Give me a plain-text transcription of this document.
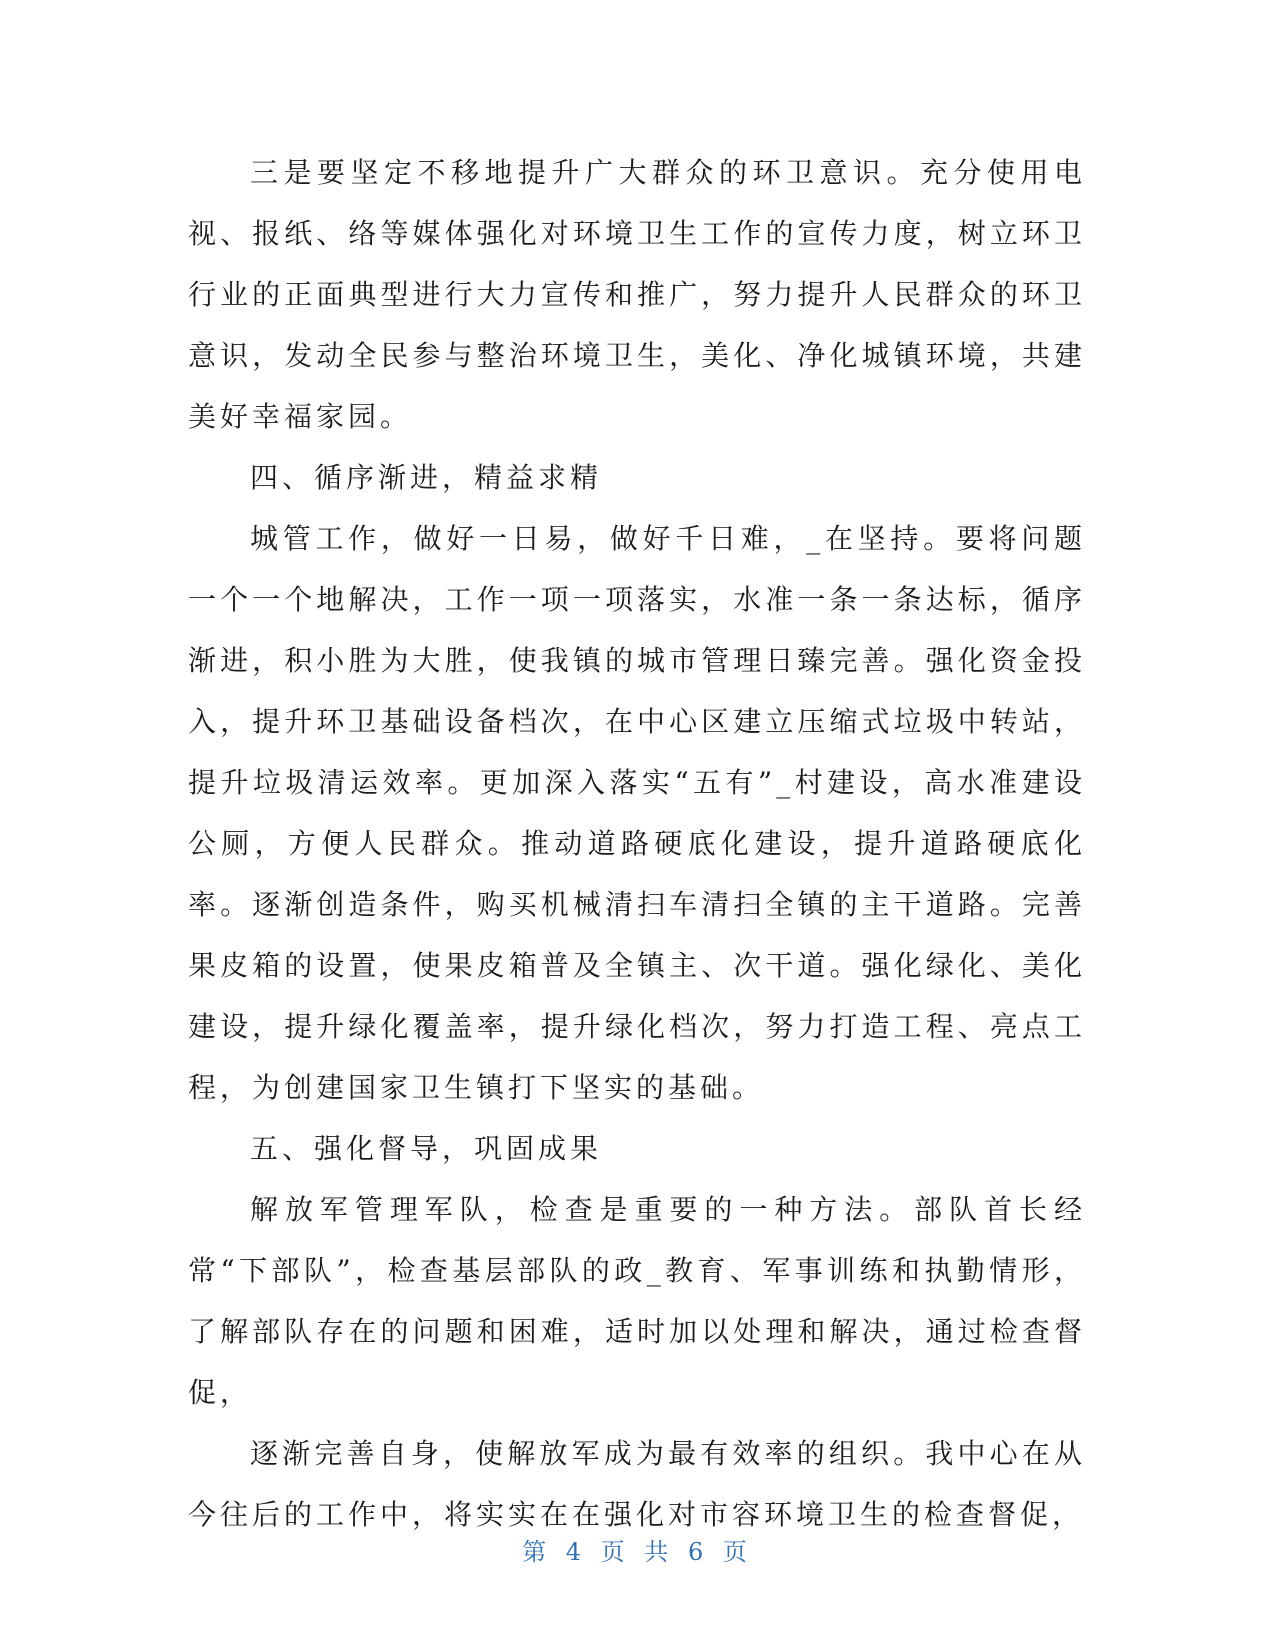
三是要坚定不移地提升广大群众的环卫意识。充分使用电视、报纸、络等媒体强化对环境卫生工作的宣传力度，树立环卫行业的正面典型进行大力宣传和推广，努力提升人民群众的环卫意识，发动全民参与整治环境卫生，美化、净化城镇环境，共建美好幸福家园。

四、循序渐进，精益求精

城管工作，做好一日易，做好千日难，_在坚持。要将问题一个一个地解决，工作一项一项落实，水准一条一条达标，循序渐进，积小胜为大胜，使我镇的城市管理日臻完善。强化资金投入，提升环卫基础设备档次，在中心区建立压缩式垃圾中转站，提升垃圾清运效率。更加深入落实“五有”_村建设，高水准建设公厕，方便人民群众。推动道路硬底化建设，提升道路硬底化率。逐渐创造条件，购买机械清扫车清扫全镇的主干道路。完善果皮箱的设置，使果皮箱普及全镇主、次干道。强化绿化、美化建设，提升绿化覆盖率，提升绿化档次，努力打造工程、亮点工程，为创建国家卫生镇打下坚实的基础。

五、强化督导，巩固成果

解放军管理军队，检查是重要的一种方法。部队首长经常“下部队”，检查基层部队的政_教育、军事训练和执勤情形，了解部队存在的问题和困难，适时加以处理和解决，通过检查督促，

逐渐完善自身，使解放军成为最有效率的组织。我中心在从今往后的工作中，将实实在在强化对市容环境卫生的检查督促，

第 4 页 共 6 页
